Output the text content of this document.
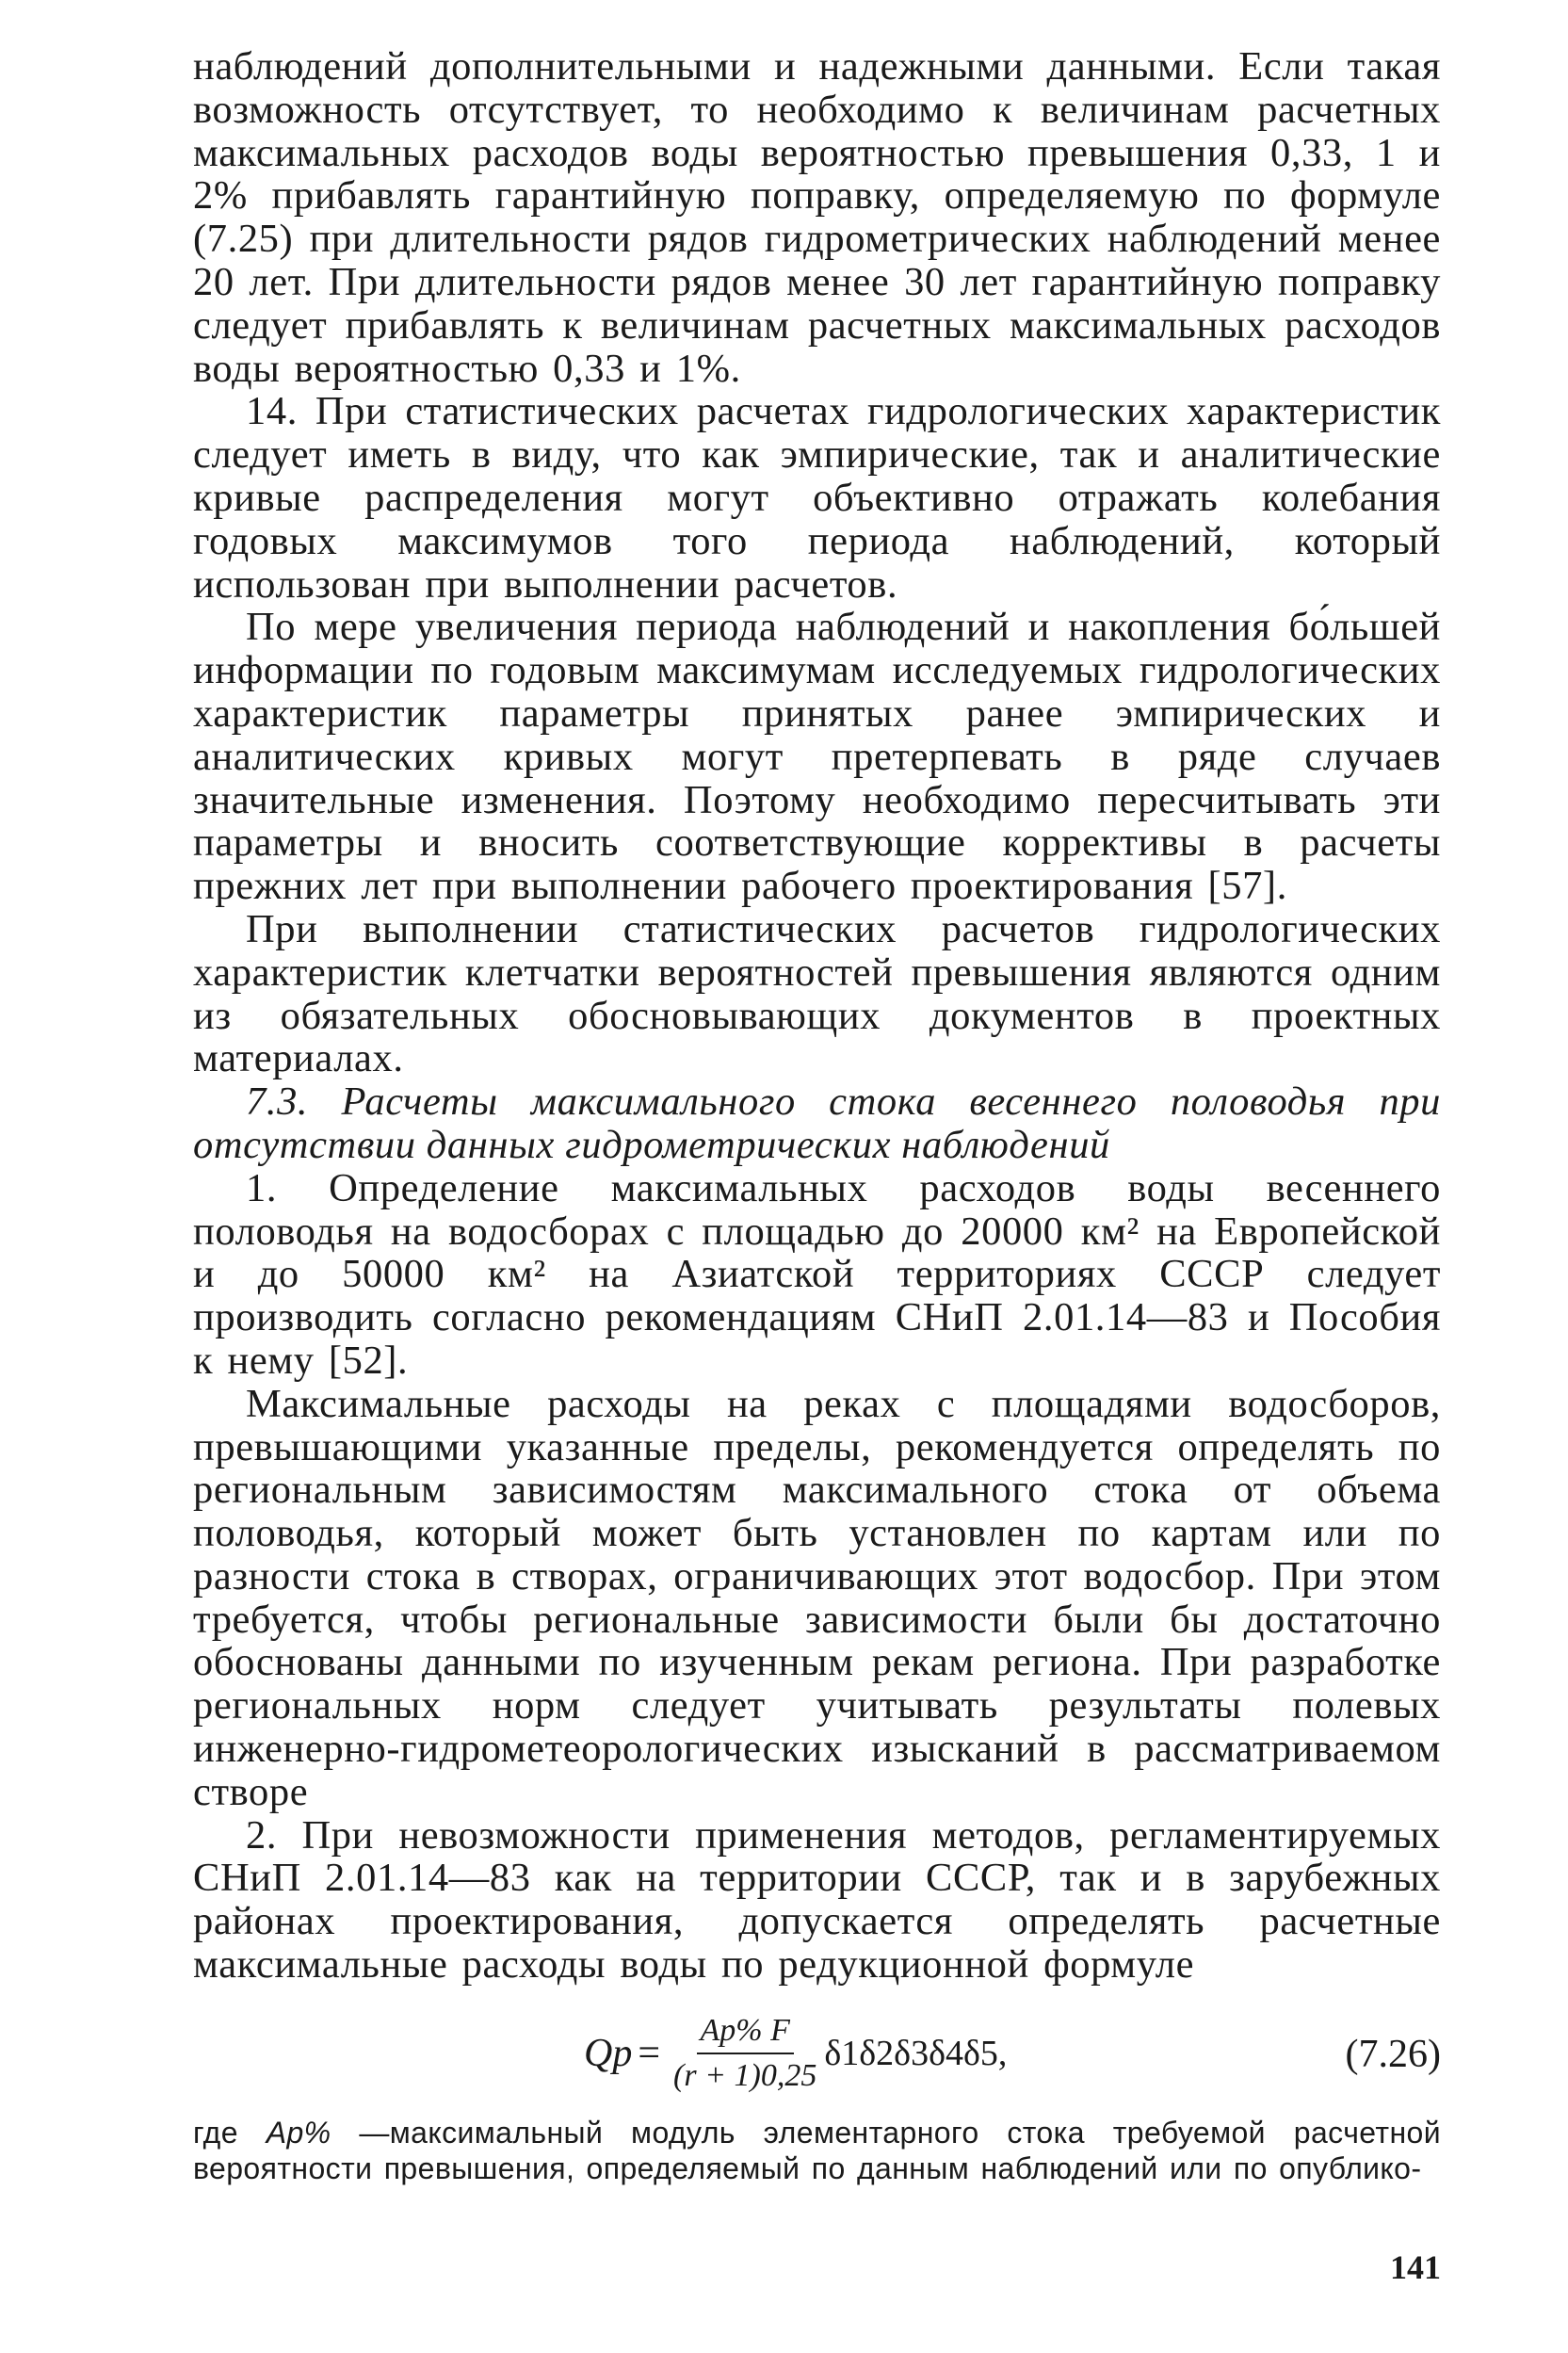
наблюдений дополнительными и надежными данными. Если такая возможность отсутствует, то необходимо к величинам расчетных максимальных расходов воды вероятностью превышения 0,33, 1 и 2% прибавлять гарантийную поправку, определяемую по формуле (7.25) при длительности рядов гидрометрических наблюдений менее 20 лет. При длительности рядов менее 30 лет гарантийную поправку следует прибавлять к величинам расчетных максимальных расходов воды вероятностью 0,33 и 1%.

14. При статистических расчетах гидрологических характеристик следует иметь в виду, что как эмпирические, так и аналитические кривые распределения могут объективно отражать колебания годовых максимумов того периода наблюдений, который использован при выполнении расчетов.

По мере увеличения периода наблюдений и накопления бо́льшей информации по годовым максимумам исследуемых гидрологических характеристик параметры принятых ранее эмпирических и аналитических кривых могут претерпевать в ряде случаев значительные изменения. Поэтому необходимо пересчитывать эти параметры и вносить соответствующие коррективы в расчеты прежних лет при выполнении рабочего проектирования [57].

При выполнении статистических расчетов гидрологических характеристик клетчатки вероятностей превышения являются одним из обязательных обосновывающих документов в проектных материалах.

7.3. Расчеты максимального стока весеннего половодья при отсутствии данных гидрометрических наблюдений

1. Определение максимальных расходов воды весеннего половодья на водосборах с площадью до 20000 км² на Европейской и до 50000 км² на Азиатской территориях СССР следует производить согласно рекомендациям СНиП 2.01.14—83 и Пособия к нему [52].

Максимальные расходы на реках с площадями водосборов, превышающими указанные пределы, рекомендуется определять по региональным зависимостям максимального стока от объема половодья, который может быть установлен по картам или по разности стока в створах, ограничивающих этот водосбор. При этом требуется, чтобы региональные зависимости были бы достаточно обоснованы данными по изученным рекам региона. При разработке региональных норм следует учитывать результаты полевых инженерно-гидрометеорологических изысканий в рассматриваемом створе

2. При невозможности применения методов, регламентируемых СНиП 2.01.14—83 как на территории СССР, так и в зарубежных районах проектирования, допускается определять расчетные максимальные расходы воды по редукционной формуле

$Qp = \frac{Ap\% F}{(r + 1)0,25} \delta 1\delta 2\delta 3\delta 4\delta 5$,	(7.26)

где Ap% —максимальный модуль элементарного стока требуемой расчетной вероятности превышения, определяемый по данным наблюдений или по опублико-

141
